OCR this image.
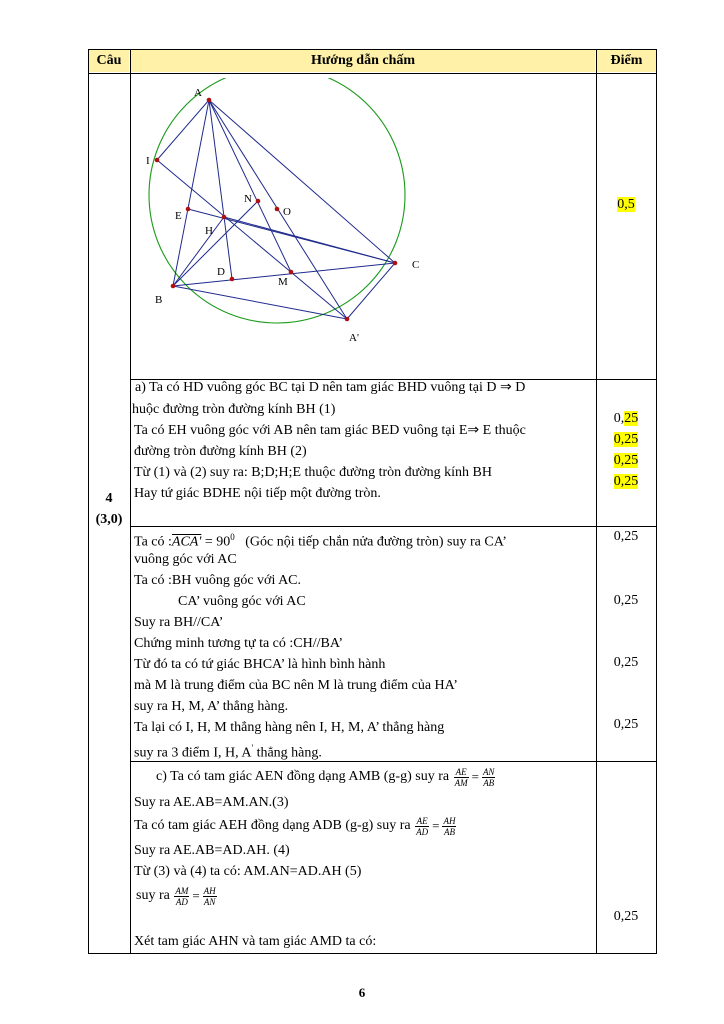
Câu	Hướng dẫn chấm	Điểm
4
(3,0)
A
I
N
O
E
H
C
D
M
B
A'
0,5
a) Ta có HD vuông góc BC tại D nên tam giác BHD vuông tại D ⇒ D
huộc đường tròn đường kính BH (1)
Ta có EH vuông góc với AB nên tam giác BED vuông tại E⇒ E thuộc
đường tròn đường kính BH (2)
Từ (1) và (2) suy ra: B;D;H;E thuộc đường tròn đường kính BH
Hay tứ giác BDHE nội tiếp một đường tròn.
0,25
0,25
0,25
0,25
Ta có :ACA' = $90^0$ (Góc nội tiếp chắn nửa đường tròn) suy ra CA’
vuông góc với AC
Ta có :BH vuông góc với AC.
CA’ vuông góc với AC
Suy ra BH//CA’
Chứng minh tương tự ta có :CH//BA’
Từ đó ta có tứ giác BHCA’ là hình bình hành
mà M là trung điểm của BC nên M là trung điểm của HA’
suy ra H, M, A’ thẳng hàng.
Ta lại có I, H, M thẳng hàng nên I, H, M, A’ thẳng hàng
suy ra 3 điểm I, H, A' thẳng hàng.
0,25
0,25
0,25
0,25
c) Ta có tam giác AEN đồng dạng AMB (g-g) suy ra $\frac{AE}{AM} = \frac{AN}{AB}$
Suy ra AE.AB=AM.AN.(3)
Ta có tam giác AEH đồng dạng ADB (g-g) suy ra $\frac{AE}{AD} = \frac{AH}{AB}$
Suy ra AE.AB=AD.AH. (4)
Từ (3) và (4) ta có: AM.AN=AD.AH (5)
suy ra $\frac{AM}{AD} = \frac{AH}{AN}$
Xét tam giác AHN và tam giác AMD ta có:
0,25
6
